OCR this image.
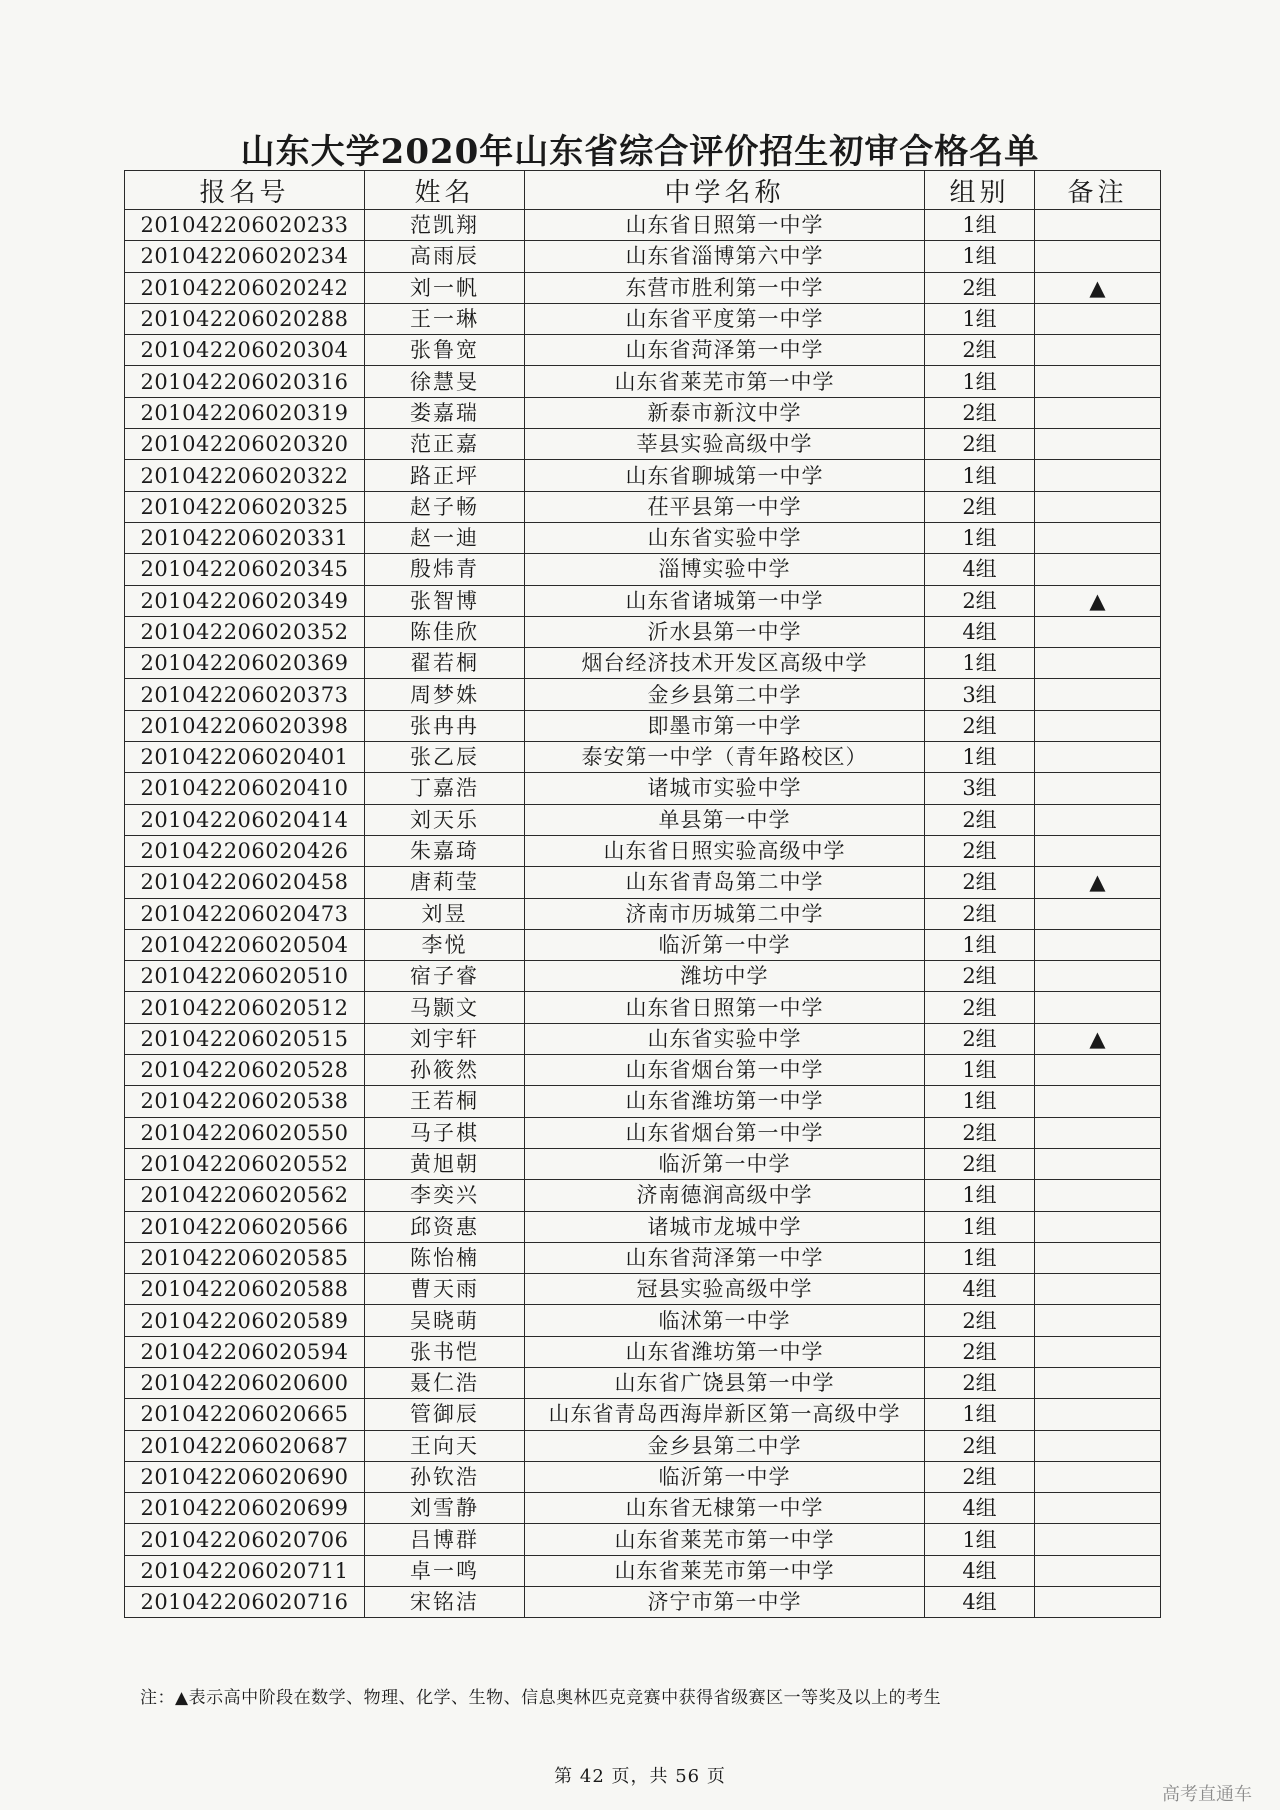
山东大学2020年山东省综合评价招生初审合格名单
报名号	姓名	中学名称	组别	备注
201042206020233	范凯翔	山东省日照第一中学	1组	
201042206020234	高雨辰	山东省淄博第六中学	1组	
201042206020242	刘一帆	东营市胜利第一中学	2组	▲
201042206020288	王一琳	山东省平度第一中学	1组	
201042206020304	张鲁宽	山东省菏泽第一中学	2组	
201042206020316	徐慧旻	山东省莱芜市第一中学	1组	
201042206020319	娄嘉瑞	新泰市新汶中学	2组	
201042206020320	范正嘉	莘县实验高级中学	2组	
201042206020322	路正坪	山东省聊城第一中学	1组	
201042206020325	赵子畅	茌平县第一中学	2组	
201042206020331	赵一迪	山东省实验中学	1组	
201042206020345	殷炜青	淄博实验中学	4组	
201042206020349	张智博	山东省诸城第一中学	2组	▲
201042206020352	陈佳欣	沂水县第一中学	4组	
201042206020369	翟若桐	烟台经济技术开发区高级中学	1组	
201042206020373	周梦姝	金乡县第二中学	3组	
201042206020398	张冉冉	即墨市第一中学	2组	
201042206020401	张乙辰	泰安第一中学（青年路校区）	1组	
201042206020410	丁嘉浩	诸城市实验中学	3组	
201042206020414	刘天乐	单县第一中学	2组	
201042206020426	朱嘉琦	山东省日照实验高级中学	2组	
201042206020458	唐莉莹	山东省青岛第二中学	2组	▲
201042206020473	刘昱	济南市历城第二中学	2组	
201042206020504	李悦	临沂第一中学	1组	
201042206020510	宿子睿	潍坊中学	2组	
201042206020512	马颢文	山东省日照第一中学	2组	
201042206020515	刘宇轩	山东省实验中学	2组	▲
201042206020528	孙筱然	山东省烟台第一中学	1组	
201042206020538	王若桐	山东省潍坊第一中学	1组	
201042206020550	马子棋	山东省烟台第一中学	2组	
201042206020552	黄旭朝	临沂第一中学	2组	
201042206020562	李奕兴	济南德润高级中学	1组	
201042206020566	邱资惠	诸城市龙城中学	1组	
201042206020585	陈怡楠	山东省菏泽第一中学	1组	
201042206020588	曹天雨	冠县实验高级中学	4组	
201042206020589	吴晓萌	临沭第一中学	2组	
201042206020594	张书恺	山东省潍坊第一中学	2组	
201042206020600	聂仁浩	山东省广饶县第一中学	2组	
201042206020665	管御辰	山东省青岛西海岸新区第一高级中学	1组	
201042206020687	王向天	金乡县第二中学	2组	
201042206020690	孙钦浩	临沂第一中学	2组	
201042206020699	刘雪静	山东省无棣第一中学	4组	
201042206020706	吕博群	山东省莱芜市第一中学	1组	
201042206020711	卓一鸣	山东省莱芜市第一中学	4组	
201042206020716	宋铭洁	济宁市第一中学	4组	
注：▲表示高中阶段在数学、物理、化学、生物、信息奥林匹克竞赛中获得省级赛区一等奖及以上的考生
第 42 页，共 56 页
高考直通车
